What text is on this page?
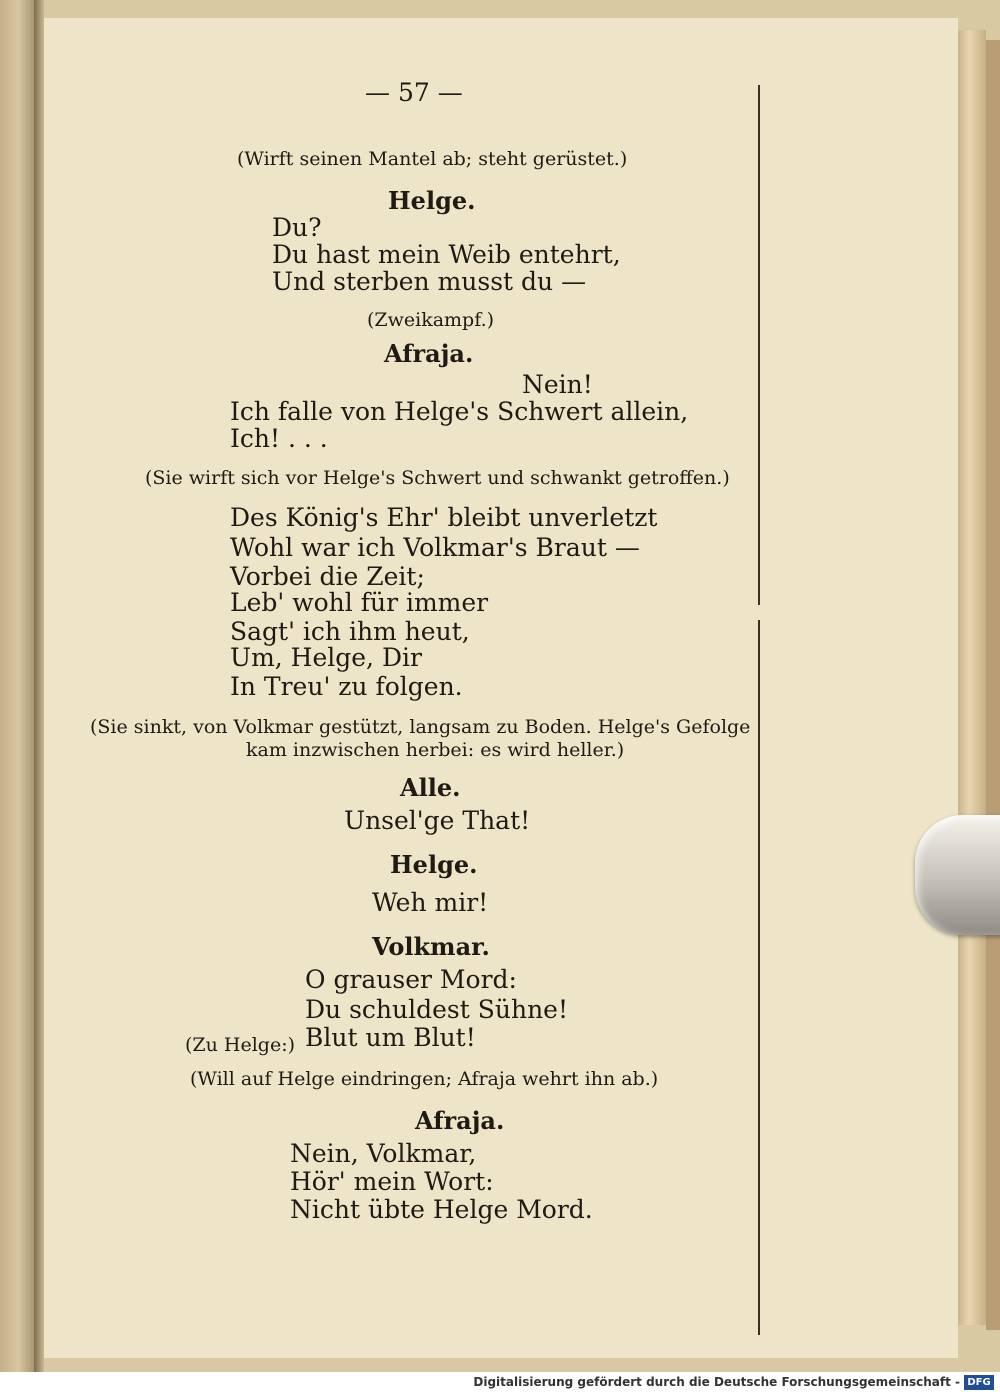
— 57 —
(Wirft seinen Mantel ab; steht gerüstet.)
Helge.
Du?
Du hast mein Weib entehrt,
Und sterben musst du —
(Zweikampf.)
Afraja.
Nein!
Ich falle von Helge's Schwert allein,
Ich! . . .
(Sie wirft sich vor Helge's Schwert und schwankt getroffen.)
Des König's Ehr' bleibt unverletzt
Wohl war ich Volkmar's Braut —
Vorbei die Zeit;
Leb' wohl für immer
Sagt' ich ihm heut,
Um, Helge, Dir
In Treu' zu folgen.
(Sie sinkt, von Volkmar gestützt, langsam zu Boden. Helge's Gefolge
kam inzwischen herbei: es wird heller.)
Alle.
Unsel'ge That!
Helge.
Weh mir!
Volkmar.
O grauser Mord:
Du schuldest Sühne!
(Zu Helge:) Blut um Blut!
(Will auf Helge eindringen; Afraja wehrt ihn ab.)
Afraja.
Nein, Volkmar,
Hör' mein Wort:
Nicht übte Helge Mord.
Digitalisierung gefördert durch die Deutsche Forschungsgemeinschaft - DFG
